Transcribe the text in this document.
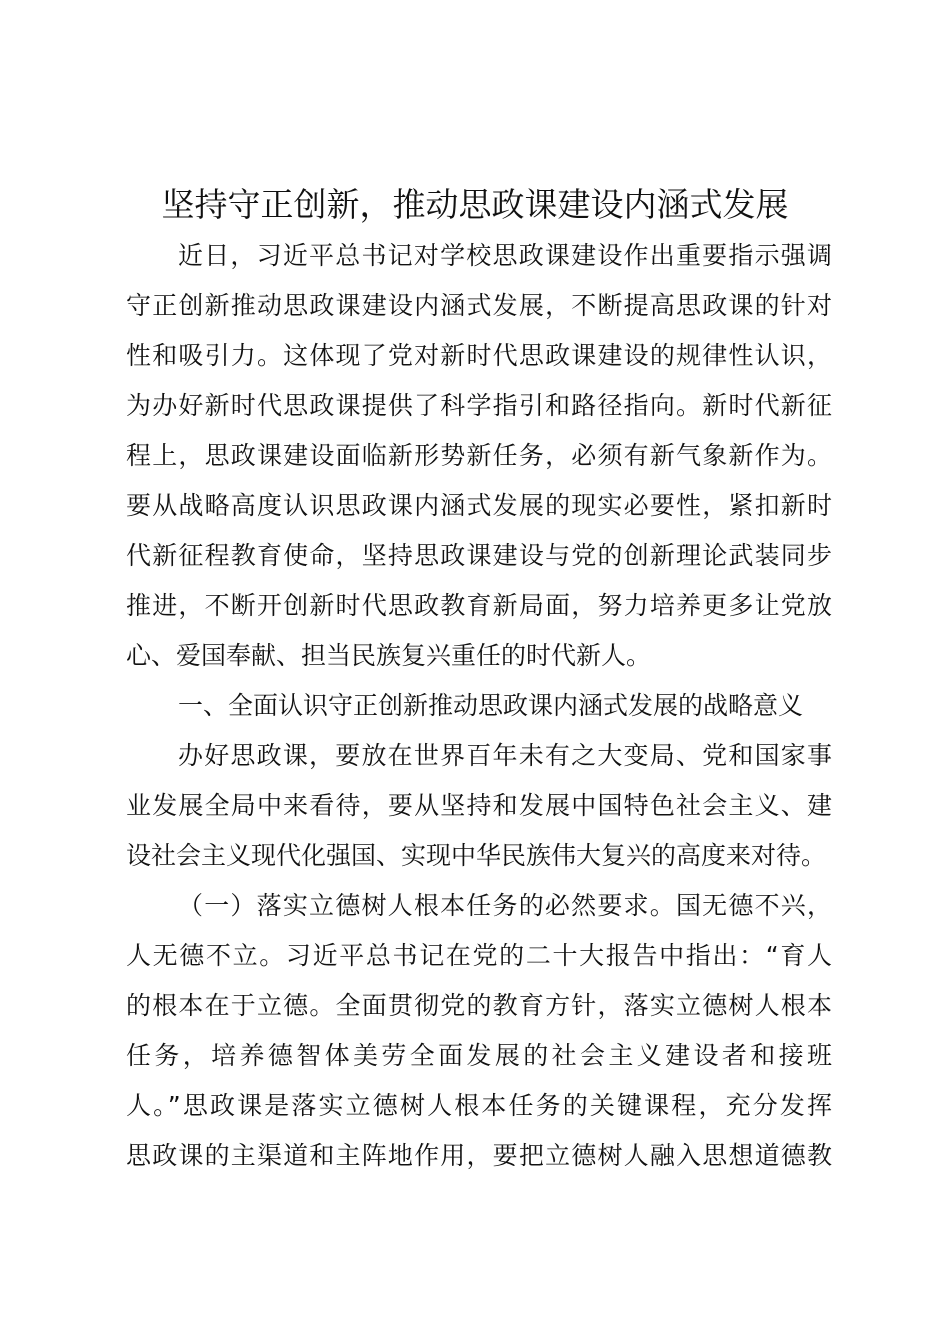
坚持守正创新，推动思政课建设内涵式发展

近日，习近平总书记对学校思政课建设作出重要指示强调

守正创新推动思政课建设内涵式发展，不断提高思政课的针对

性和吸引力。这体现了党对新时代思政课建设的规律性认识，

为办好新时代思政课提供了科学指引和路径指向。新时代新征

程上，思政课建设面临新形势新任务，必须有新气象新作为。

要从战略高度认识思政课内涵式发展的现实必要性，紧扣新时

代新征程教育使命，坚持思政课建设与党的创新理论武装同步

推进，不断开创新时代思政教育新局面，努力培养更多让党放

心、爱国奉献、担当民族复兴重任的时代新人。

一、全面认识守正创新推动思政课内涵式发展的战略意义

办好思政课，要放在世界百年未有之大变局、党和国家事

业发展全局中来看待，要从坚持和发展中国特色社会主义、建

设社会主义现代化强国、实现中华民族伟大复兴的高度来对待。

（一）落实立德树人根本任务的必然要求。国无德不兴，

人无德不立。习近平总书记在党的二十大报告中指出：“育人

的根本在于立德。全面贯彻党的教育方针，落实立德树人根本

任务，培养德智体美劳全面发展的社会主义建设者和接班

人。”思政课是落实立德树人根本任务的关键课程，充分发挥

思政课的主渠道和主阵地作用，要把立德树人融入思想道德教
